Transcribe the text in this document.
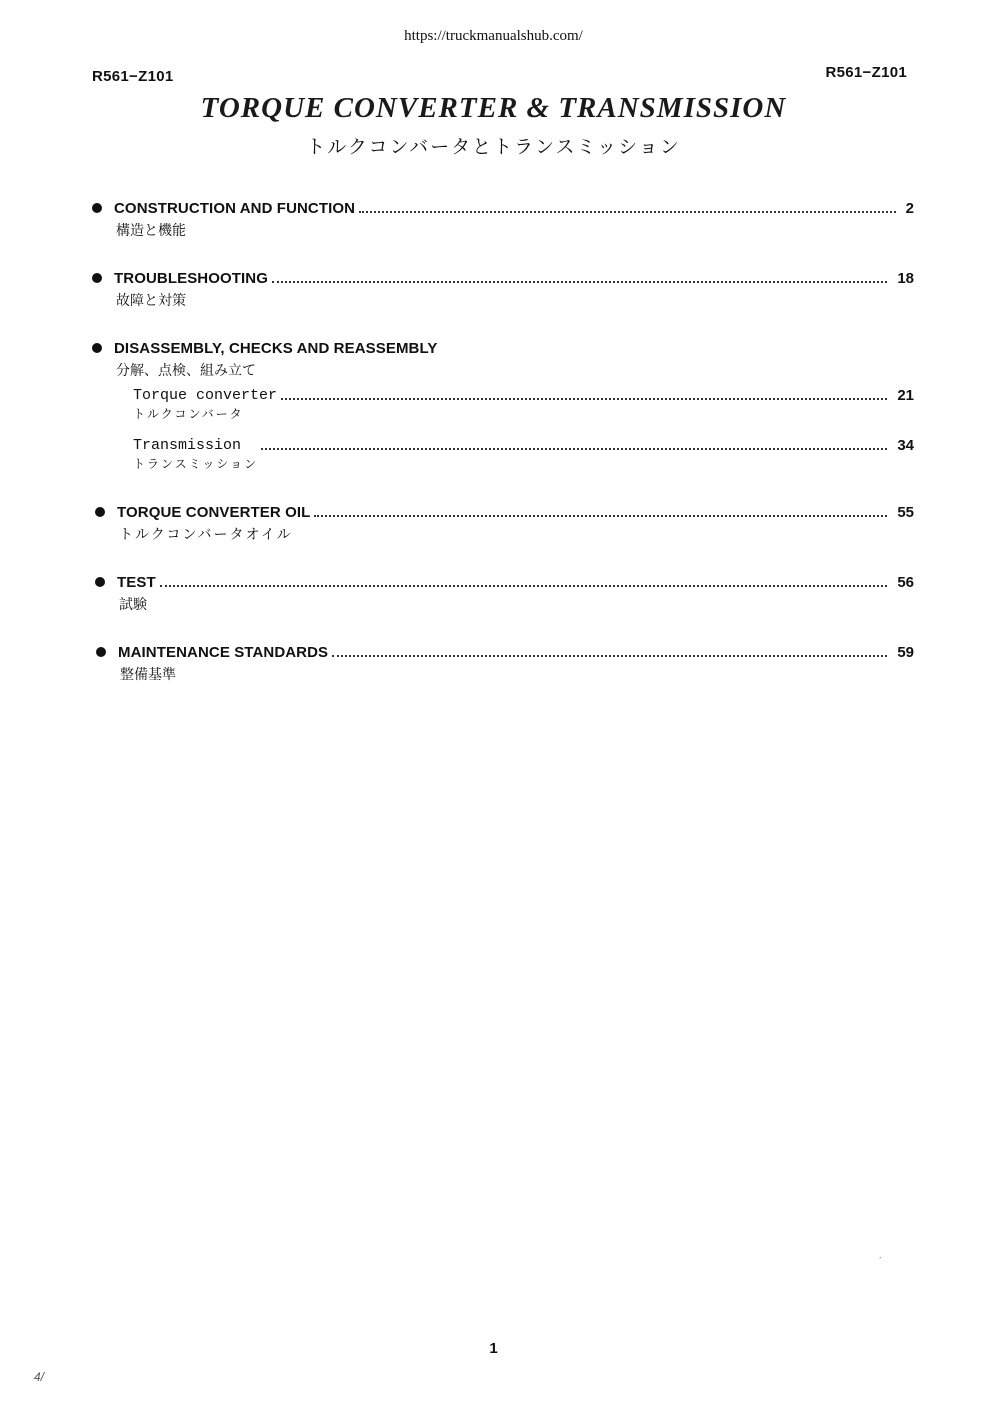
https://truckmanualshub.com/
R561−Z101	R561−Z101
TORQUE CONVERTER & TRANSMISSION
トルクコンバータとトランスミッション
CONSTRUCTION AND FUNCTION	2
構造と機能
TROUBLESHOOTING	18
故障と対策
DISASSEMBLY, CHECKS AND REASSEMBLY
分解、点検、組み立て
Torque converter	21
トルクコンバータ
Transmission	34
トランスミッション
TORQUE CONVERTER OIL	55
トルクコンバータオイル
TEST	56
試験
MAINTENANCE STANDARDS	59
整備基準
´
1
4/
